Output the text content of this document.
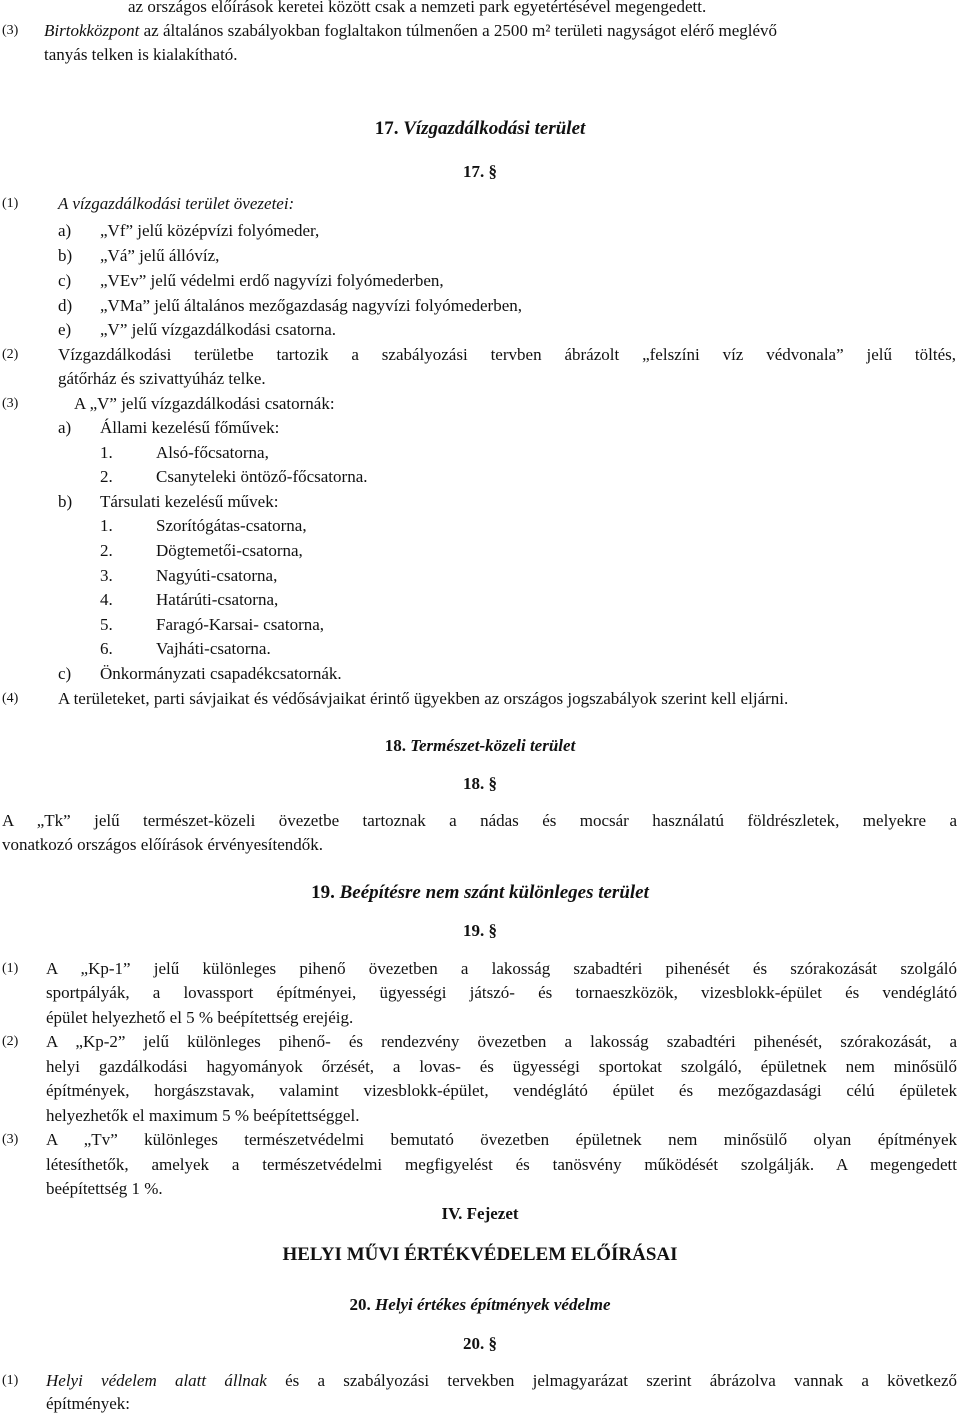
az országos előírások keretei között csak a nemzeti park egyetértésével megengedett.
(3) Birtokközpont az általános szabályokban foglaltakon túlmenően a 2500 m² területi nagyságot elérő meglévő
tanyás telken is kialakítható.
17. Vízgazdálkodási terület
17. §
(1) A vízgazdálkodási terület övezetei:
a) „Vf” jelű középvízi folyómeder,
b) „Vá” jelű állóvíz,
c) „VEv” jelű védelmi erdő nagyvízi folyómederben,
d) „VMa” jelű általános mezőgazdaság nagyvízi folyómederben,
e) „V” jelű vízgazdálkodási csatorna.
(2) Vízgazdálkodási területbe tartozik a szabályozási tervben ábrázolt „felszíni víz védvonala” jelű töltés,
gátőrház és szivattyúház telke.
(3)	A „V” jelű vízgazdálkodási csatornák:
a) Állami kezelésű főművek:
1.	Alsó-főcsatorna,
2.	Csanyteleki öntöző-főcsatorna.
b) Társulati kezelésű művek:
1.	Szorítógátas-csatorna,
2.	Dögtemetői-csatorna,
3.	Nagyúti-csatorna,
4.	Határúti-csatorna,
5.	Faragó-Karsai- csatorna,
6.	Vajháti-csatorna.
c) Önkormányzati csapadékcsatornák.
(4) A területeket, parti sávjaikat és védősávjaikat érintő ügyekben az országos jogszabályok szerint kell eljárni.
18. Természet-közeli terület
18. §
A „Tk” jelű természet-közeli övezetbe tartoznak a nádas és mocsár használatú földrészletek, melyekre a
vonatkozó országos előírások érvényesítendők.
19. Beépítésre nem szánt különleges terület
19. §
(1) A „Kp-1” jelű különleges pihenő övezetben a lakosság szabadtéri pihenését és szórakozását szolgáló
sportpályák, a lovassport építményei, ügyességi játszó- és tornaeszközök, vizesblokk-épület és vendéglátó
épület helyezhető el 5 % beépítettség erejéig.
(2) A „Kp-2” jelű különleges pihenő- és rendezvény övezetben a lakosság szabadtéri pihenését, szórakozását, a
helyi gazdálkodási hagyományok őrzését, a lovas- és ügyességi sportokat szolgáló, épületnek nem minősülő
építmények, horgászstavak, valamint vizesblokk-épület, vendéglátó épület és mezőgazdasági célú épületek
helyezhetők el maximum 5 % beépítettséggel.
(3) A „Tv” különleges természetvédelmi bemutató övezetben épületnek nem minősülő olyan építmények
létesíthetők, amelyek a természetvédelmi megfigyelést és tanösvény működését szolgálják. A megengedett
beépítettség 1 %.
IV. Fejezet
HELYI MŰVI ÉRTÉKVÉDELEM ELŐÍRÁSAI
20. Helyi értékes építmények védelme
20. §
(1) Helyi védelem alatt állnak és a szabályozási tervekben jelmagyarázat szerint ábrázolva vannak a következő
építmények:
